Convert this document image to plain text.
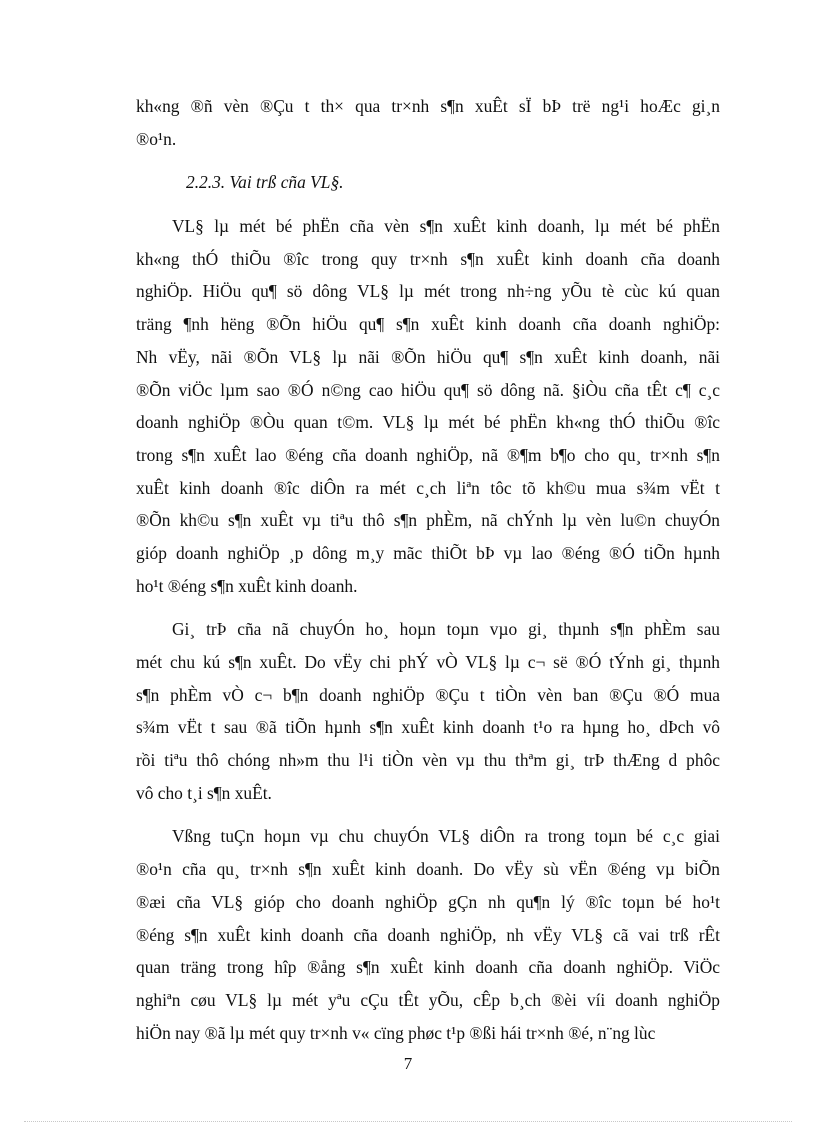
kh«ng ®ñ vèn ®Çu t th× qua tr×nh s¶n xuÊt sÏ bÞ trë ng¹i hoÆc gi¸n
®o¹n.
2.2.3. Vai trß cña VL§.
VL§ lµ mét bé phËn cña vèn s¶n xuÊt kinh doanh, lµ mét bé phËn
kh«ng thÓ thiÕu ®îc trong quy tr×nh s¶n xuÊt kinh doanh cña doanh
nghiÖp. HiÖu qu¶ sö dông VL§ lµ mét trong nh÷ng yÕu tè cùc kú quan
träng ¶nh hëng ®Õn hiÖu qu¶ s¶n xuÊt kinh doanh cña doanh nghiÖp:
Nh vËy, nãi ®Õn VL§ lµ nãi ®Õn hiÖu qu¶ s¶n xuÊt kinh doanh, nãi
®Õn viÖc lµm sao ®Ó n©ng cao hiÖu qu¶ sö dông nã. §iÒu cña tÊt c¶ c¸c
doanh nghiÖp ®Òu quan t©m. VL§ lµ mét bé phËn kh«ng thÓ thiÕu ®îc
trong s¶n xuÊt lao ®éng cña doanh nghiÖp, nã ®¶m b¶o cho qu¸ tr×nh s¶n
xuÊt kinh doanh ®îc diÔn ra mét c¸ch liªn tôc tõ kh©u mua s¾m vËt t
®Õn kh©u s¶n xuÊt vµ tiªu thô s¶n phÈm, nã chÝnh lµ vèn lu©n chuyÓn
gióp doanh nghiÖp ¸p dông m¸y mãc thiÕt bÞ vµ lao ®éng ®Ó tiÕn hµnh
ho¹t ®éng s¶n xuÊt kinh doanh.
Gi¸ trÞ cña nã chuyÓn ho¸ hoµn toµn vµo gi¸ thµnh s¶n phÈm sau
mét chu kú s¶n xuÊt. Do vËy chi phÝ vÒ VL§ lµ c¬ së ®Ó tÝnh gi¸ thµnh
s¶n phÈm vÒ c¬ b¶n doanh nghiÖp ®Çu t tiÒn vèn ban ®Çu ®Ó mua
s¾m vËt t sau ®ã tiÕn hµnh s¶n xuÊt kinh doanh t¹o ra hµng ho¸ dÞch vô
rồi tiªu thô chóng nh»m thu l¹i tiÒn vèn vµ thu thªm gi¸ trÞ thÆng d phôc
vô cho t¸i s¶n xuÊt.
Vßng tuÇn hoµn vµ chu chuyÓn VL§ diÔn ra trong toµn bé c¸c giai
®o¹n cña qu¸ tr×nh s¶n xuÊt kinh doanh. Do vËy sù vËn ®éng vµ biÕn
®æi cña VL§ gióp cho doanh nghiÖp gÇn nh qu¶n lý ®îc toµn bé ho¹t
®éng s¶n xuÊt kinh doanh cña doanh nghiÖp, nh vËy VL§ cã vai trß rÊt
quan träng trong hîp ®ång s¶n xuÊt kinh doanh cña doanh nghiÖp. ViÖc
nghiªn cøu VL§ lµ mét yªu cÇu tÊt yÕu, cÊp b¸ch ®èi víi doanh nghiÖp
hiÖn nay ®ã lµ mét quy tr×nh v« cïng phøc t¹p ®ßi hái tr×nh ®é, n¨ng lùc
7
